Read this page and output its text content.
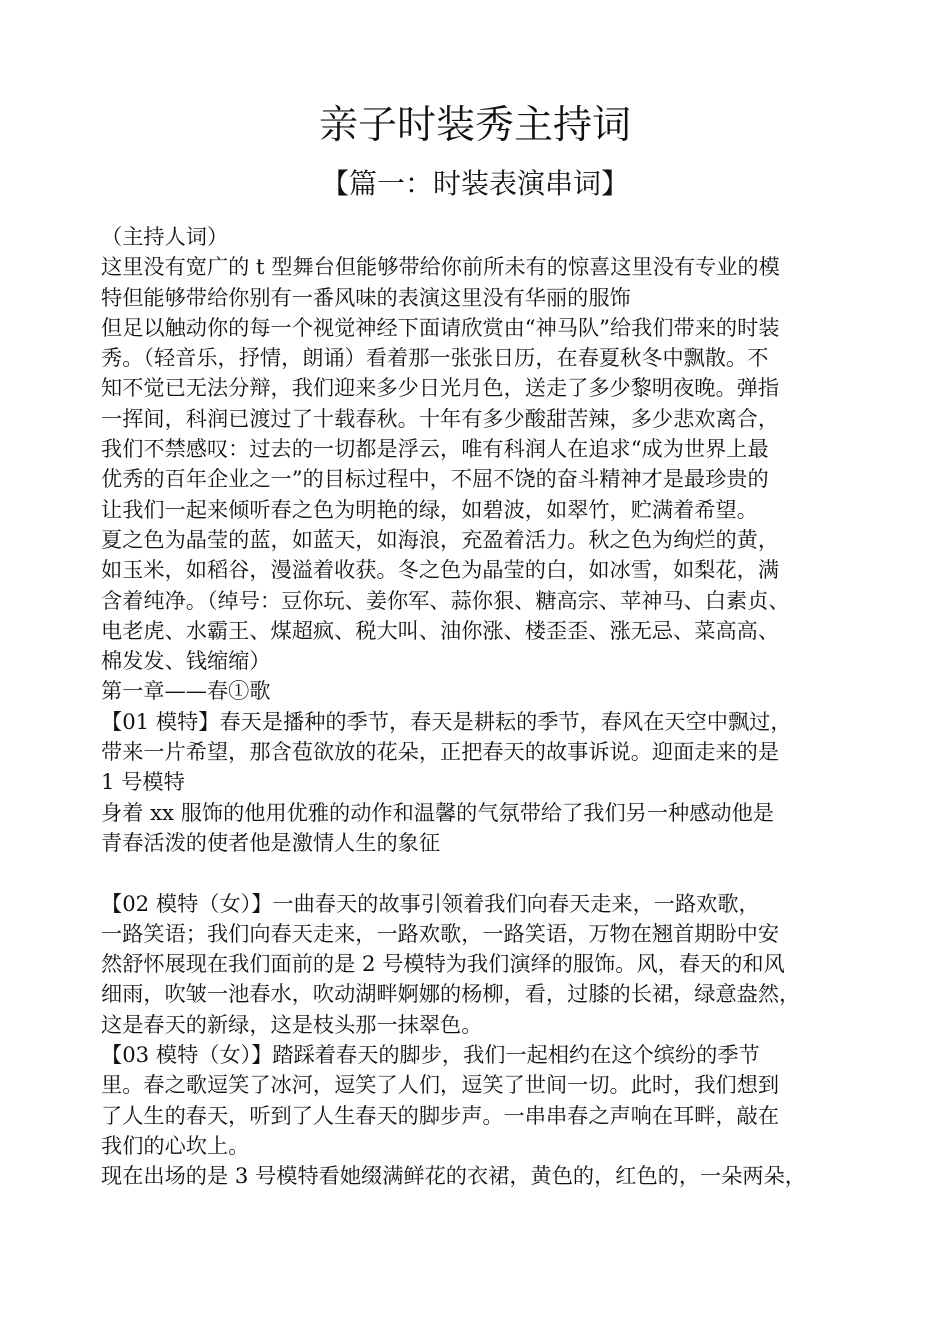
亲子时装秀主持词
【篇一：时装表演串词】
（主持人词）
这里没有宽广的 t 型舞台但能够带给你前所未有的惊喜这里没有专业的模
特但能够带给你别有一番风味的表演这里没有华丽的服饰
但足以触动你的每一个视觉神经下面请欣赏由“神马队”给我们带来的时装
秀。（轻音乐，抒情，朗诵）看着那一张张日历，在春夏秋冬中飘散。不
知不觉已无法分辩，我们迎来多少日光月色，送走了多少黎明夜晚。弹指
一挥间，科润已渡过了十载春秋。十年有多少酸甜苦辣，多少悲欢离合，
我们不禁感叹：过去的一切都是浮云，唯有科润人在追求“成为世界上最
优秀的百年企业之一”的目标过程中，不屈不饶的奋斗精神才是最珍贵的
让我们一起来倾听春之色为明艳的绿，如碧波，如翠竹，贮满着希望。
夏之色为晶莹的蓝，如蓝天，如海浪，充盈着活力。秋之色为绚烂的黄，
如玉米，如稻谷，漫溢着收获。冬之色为晶莹的白，如冰雪，如梨花，满
含着纯净。（绰号：豆你玩、姜你军、蒜你狠、糖高宗、苹神马、白素贞、
电老虎、水霸王、煤超疯、税大叫、油你涨、楼歪歪、涨无忌、菜高高、
棉发发、钱缩缩）
第一章——春①歌
【01 模特】春天是播种的季节，春天是耕耘的季节，春风在天空中飘过，
带来一片希望，那含苞欲放的花朵，正把春天的故事诉说。迎面走来的是
1 号模特
身着 xx 服饰的他用优雅的动作和温馨的气氛带给了我们另一种感动他是
青春活泼的使者他是激情人生的象征
【02 模特（女）】一曲春天的故事引领着我们向春天走来，一路欢歌，
一路笑语；我们向春天走来，一路欢歌，一路笑语，万物在翘首期盼中安
然舒怀展现在我们面前的是 2 号模特为我们演绎的服饰。风，春天的和风
细雨，吹皱一池春水，吹动湖畔婀娜的杨柳，看，过膝的长裙，绿意盎然，
这是春天的新绿，这是枝头那一抹翠色。
【03 模特（女）】踏踩着春天的脚步，我们一起相约在这个缤纷的季节
里。春之歌逗笑了冰河，逗笑了人们，逗笑了世间一切。此时，我们想到
了人生的春天，听到了人生春天的脚步声。一串串春之声响在耳畔，敲在
我们的心坎上。
现在出场的是 3 号模特看她缀满鲜花的衣裙，黄色的，红色的，一朵两朵，
